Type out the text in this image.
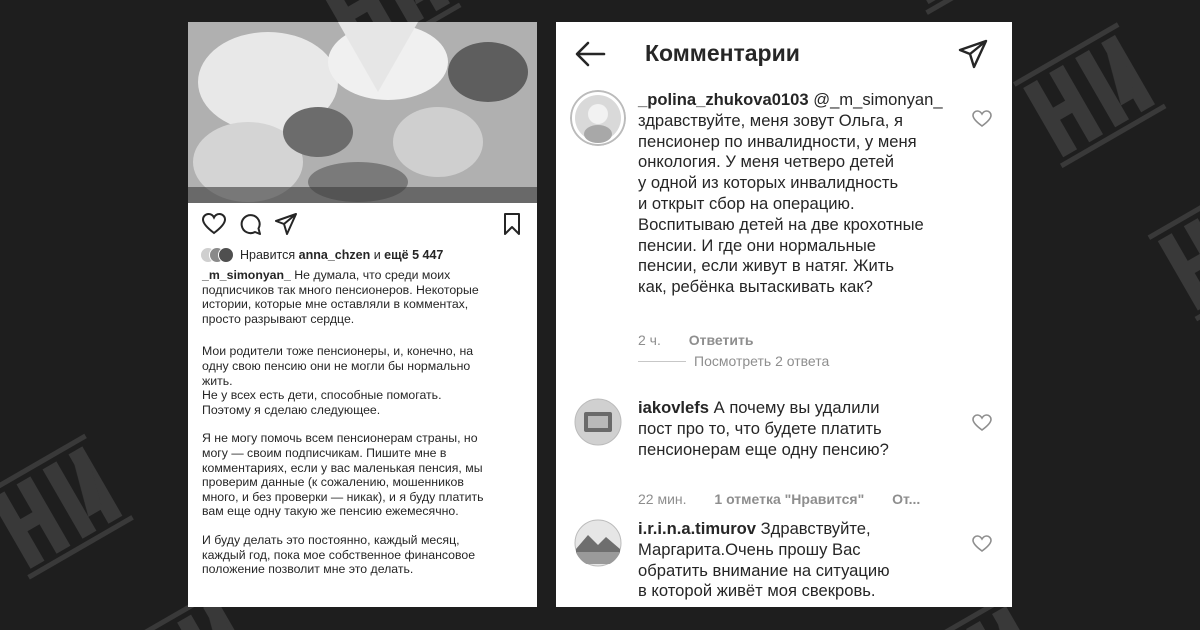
Нравится anna_chzen и ещё 5 447

_m_simonyan_ Не думала, что среди моих
подписчиков так много пенсионеров. Некоторые
истории, которые мне оставляли в комментах,
просто разрывают сердце.

Мои родители тоже пенсионеры, и, конечно, на
одну свою пенсию они не могли бы нормально
жить.
Не у всех есть дети, способные помогать.
Поэтому я сделаю следующее.

Я не могу помочь всем пенсионерам страны, но
могу — своим подписчикам. Пишите мне в
комментариях, если у вас маленькая пенсия, мы
проверим данные (к сожалению, мошенников
много, и без проверки — никак), и я буду платить
вам еще одну такую же пенсию ежемесячно.

И буду делать это постоянно, каждый месяц,
каждый год, пока мое собственное финансовое
положение позволит мне это делать.

Комментарии
_polina_zhukova0103 @_m_simonyan_
здравствуйте, меня зовут Ольга, я
пенсионер по инвалидности, у меня
онкология. У меня четверо детей
у одной из которых инвалидность
и открыт сбор на операцию.
Воспитываю детей на две крохотные
пенсии. И где они нормальные
пенсии, если живут в натяг. Жить
как, ребёнка вытаскивать как?
2 ч. Ответить
Посмотреть 2 ответа
iakovlefs А почему вы удалили
пост про то, что будете платить
пенсионерам еще одну пенсию?
22 мин. 1 отметка "Нравится" От...
i.r.i.n.a.timurov Здравствуйте,
Маргарита.Очень прошу Вас
обратить внимание на ситуацию
в которой живёт моя свекровь.
